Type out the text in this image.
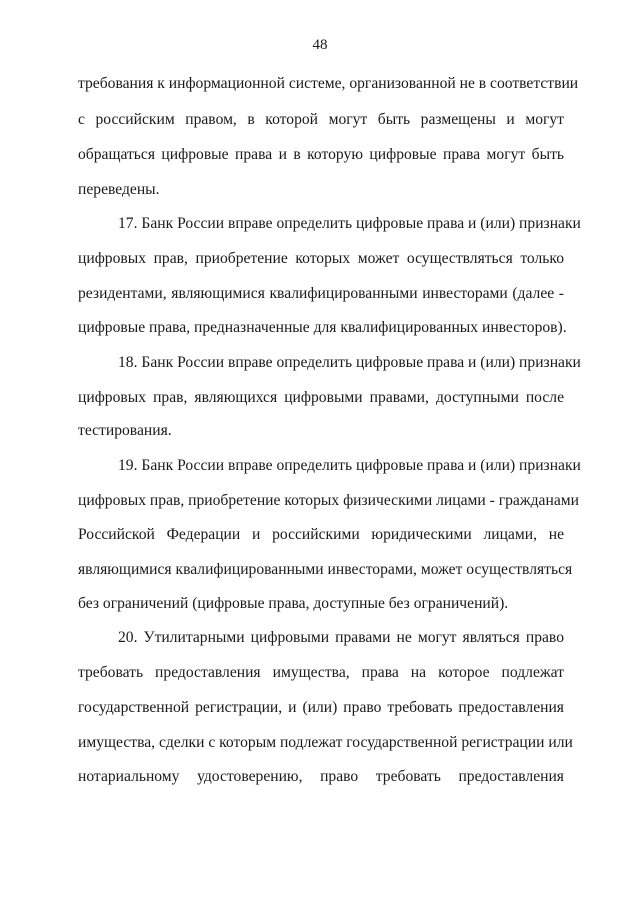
48
требования к информационной системе, организованной не в соответствии
с российским правом, в которой могут быть размещены и могут
обращаться цифровые права и в которую цифровые права могут быть
переведены.
17. Банк России вправе определить цифровые права и (или) признаки
цифровых прав, приобретение которых может осуществляться только
резидентами, являющимися квалифицированными инвесторами (далее -
цифровые права, предназначенные для квалифицированных инвесторов).
18. Банк России вправе определить цифровые права и (или) признаки
цифровых прав, являющихся цифровыми правами, доступными после
тестирования.
19. Банк России вправе определить цифровые права и (или) признаки
цифровых прав, приобретение которых физическими лицами - гражданами
Российской Федерации и российскими юридическими лицами, не
являющимися квалифицированными инвесторами, может осуществляться
без ограничений (цифровые права, доступные без ограничений).
20. Утилитарными цифровыми правами не могут являться право
требовать предоставления имущества, права на которое подлежат
государственной регистрации, и (или) право требовать предоставления
имущества, сделки с которым подлежат государственной регистрации или
нотариальному удостоверению, право требовать предоставления
